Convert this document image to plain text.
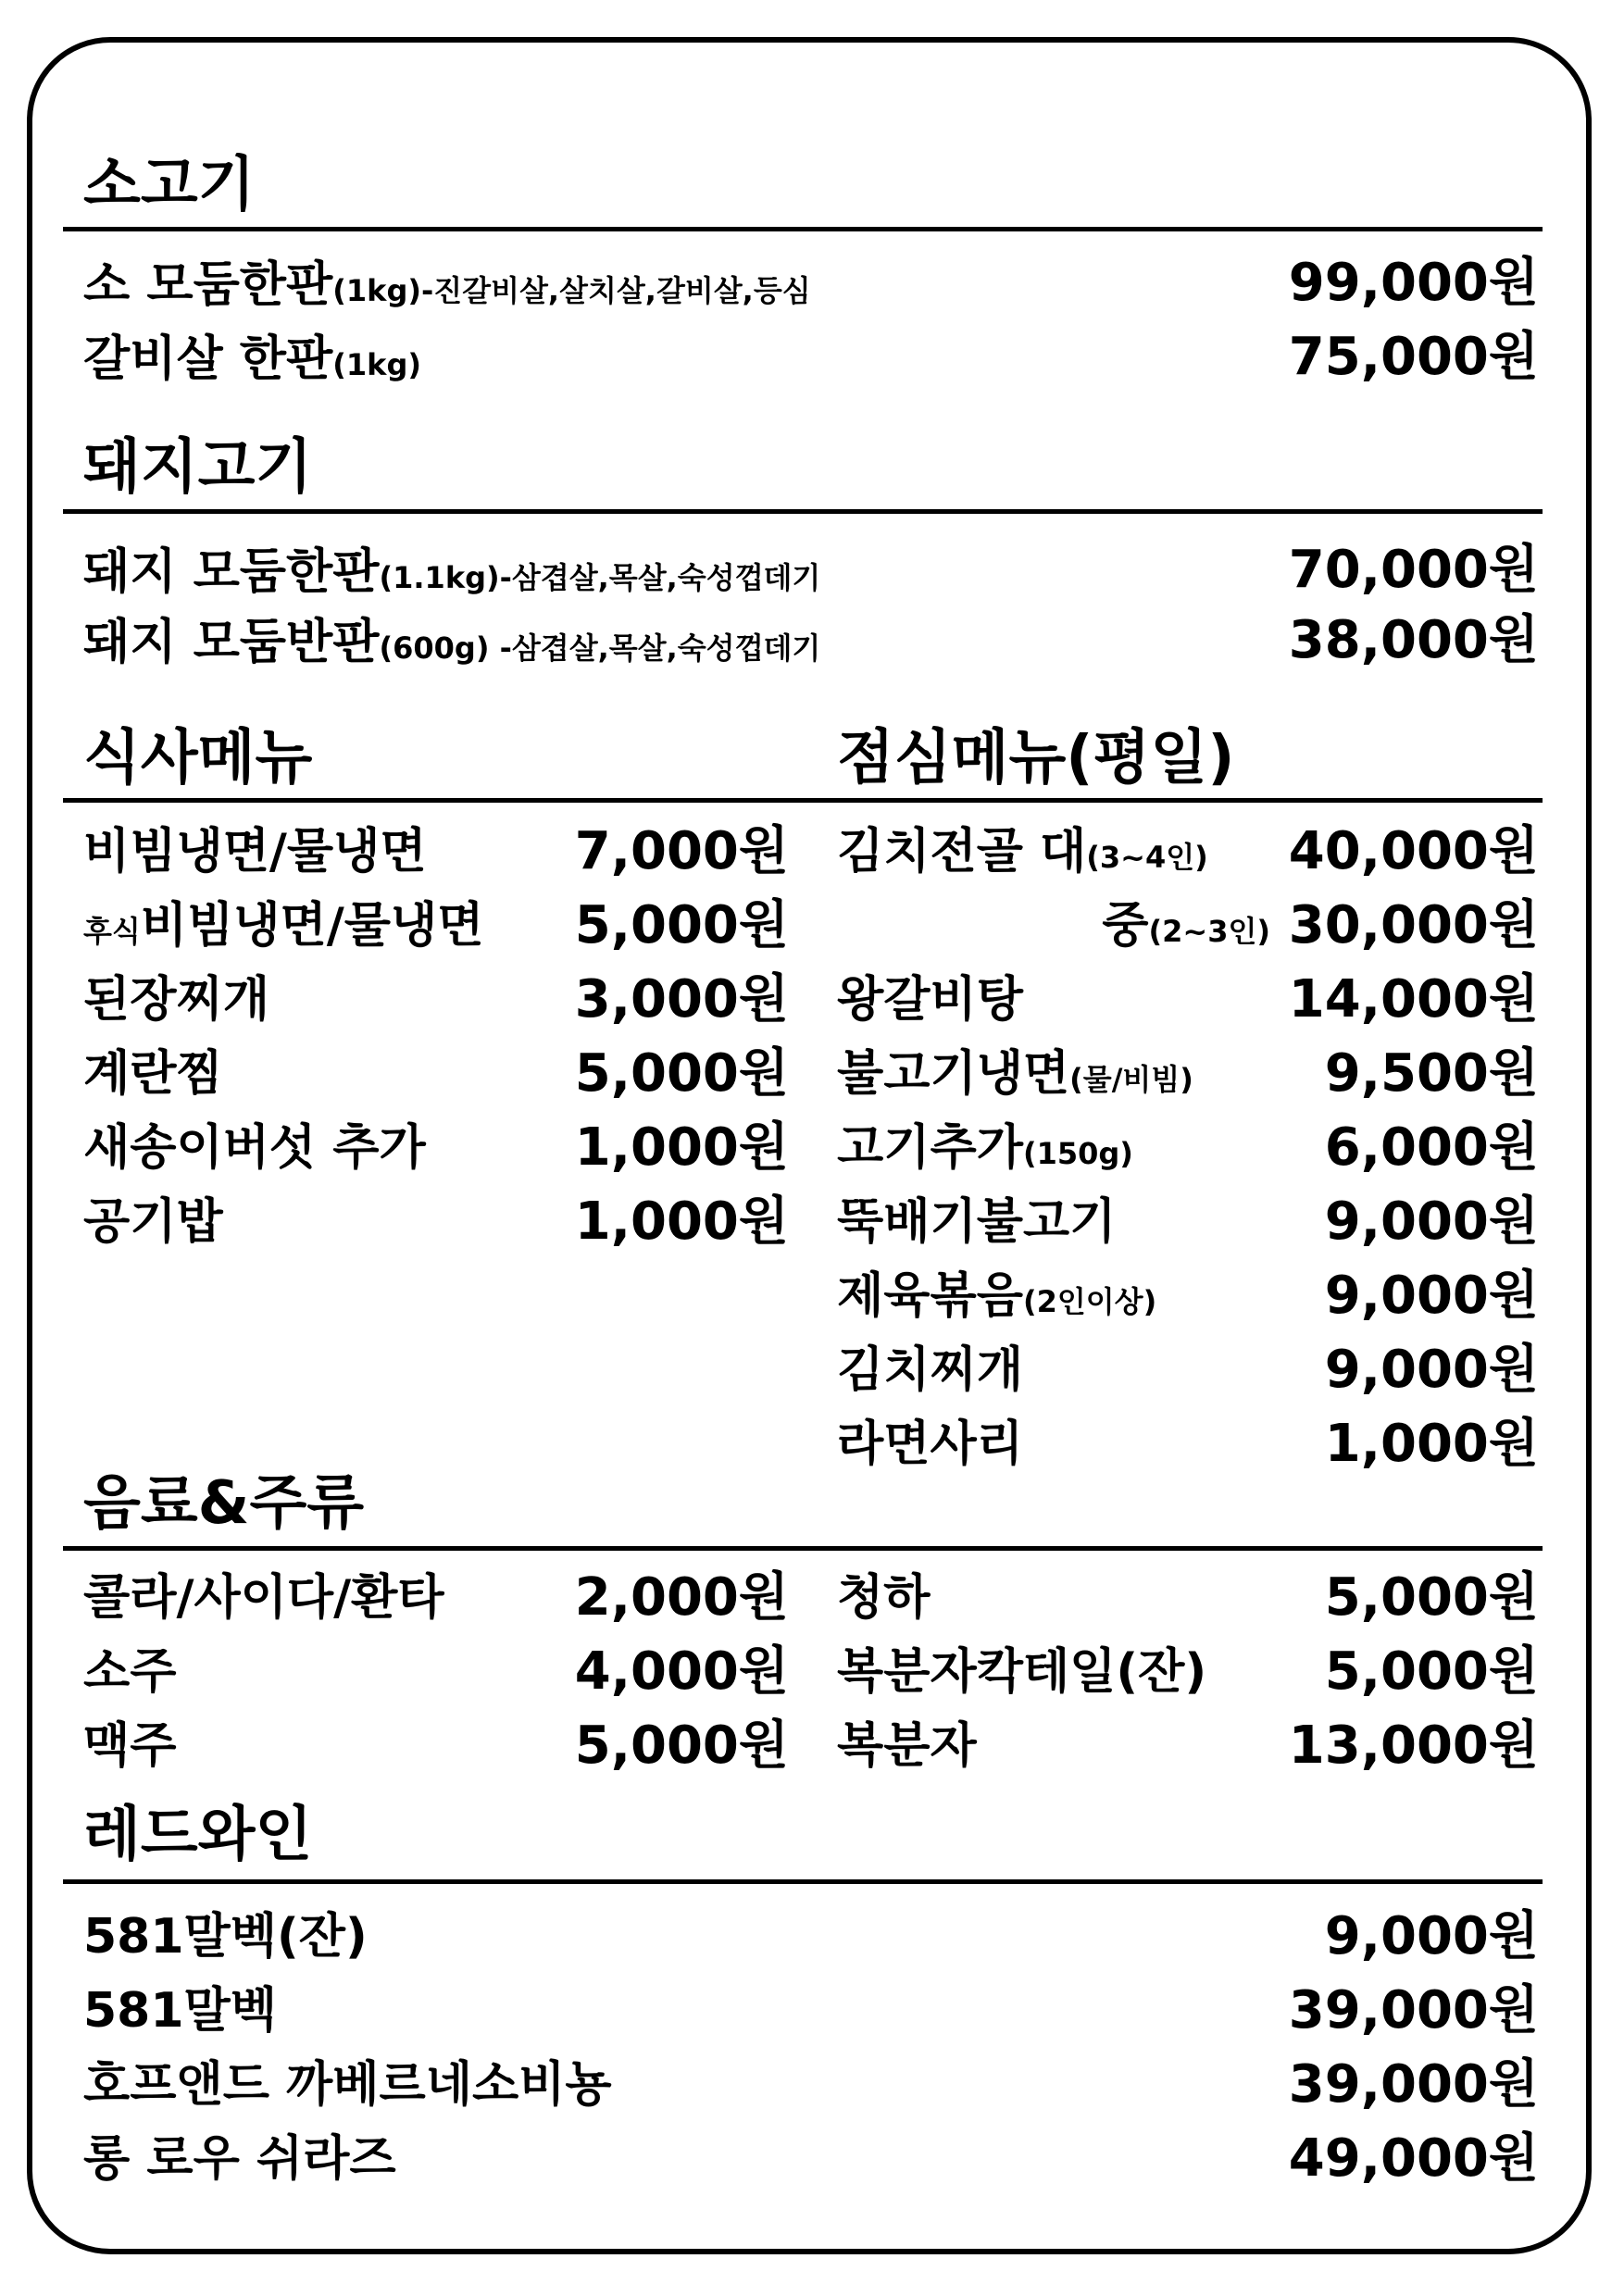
소고기
소 모둠한판(1kg)-진갈비살,살치살,갈비살,등심	99,000원
갈비살 한판(1kg)	75,000원
돼지고기
돼지 모둠한판(1.1kg)-삼겹살,목살,숙성껍데기	70,000원
돼지 모둠반판(600g) -삼겹살,목살,숙성껍데기	38,000원
식사메뉴	점심메뉴(평일)
비빔냉면/물냉면	7,000원
후식비빔냉면/물냉면 5,000원
된장찌개	3,000원
계란찜	5,000원
새송이버섯 추가	1,000원
공기밥	1,000원
김치전골 대(3~4인) 40,000원
중(2~3인) 30,000원
왕갈비탕	14,000원
불고기냉면(물/비빔)	9,500원
고기추가(150g)	6,000원
뚝배기불고기	9,000원
제육볶음(2인이상)	9,000원
김치찌개	9,000원
라면사리	1,000원
음료&주류
콜라/사이다/환타	2,000원
소주	4,000원
맥주	5,000원
청하	5,000원
복분자칵테일(잔) 5,000원
복분자	13,000원
레드와인
581말벡(잔)	9,000원
581말벡	39,000원
호프앤드 까베르네소비뇽	39,000원
롱 로우 쉬라즈	49,000원
